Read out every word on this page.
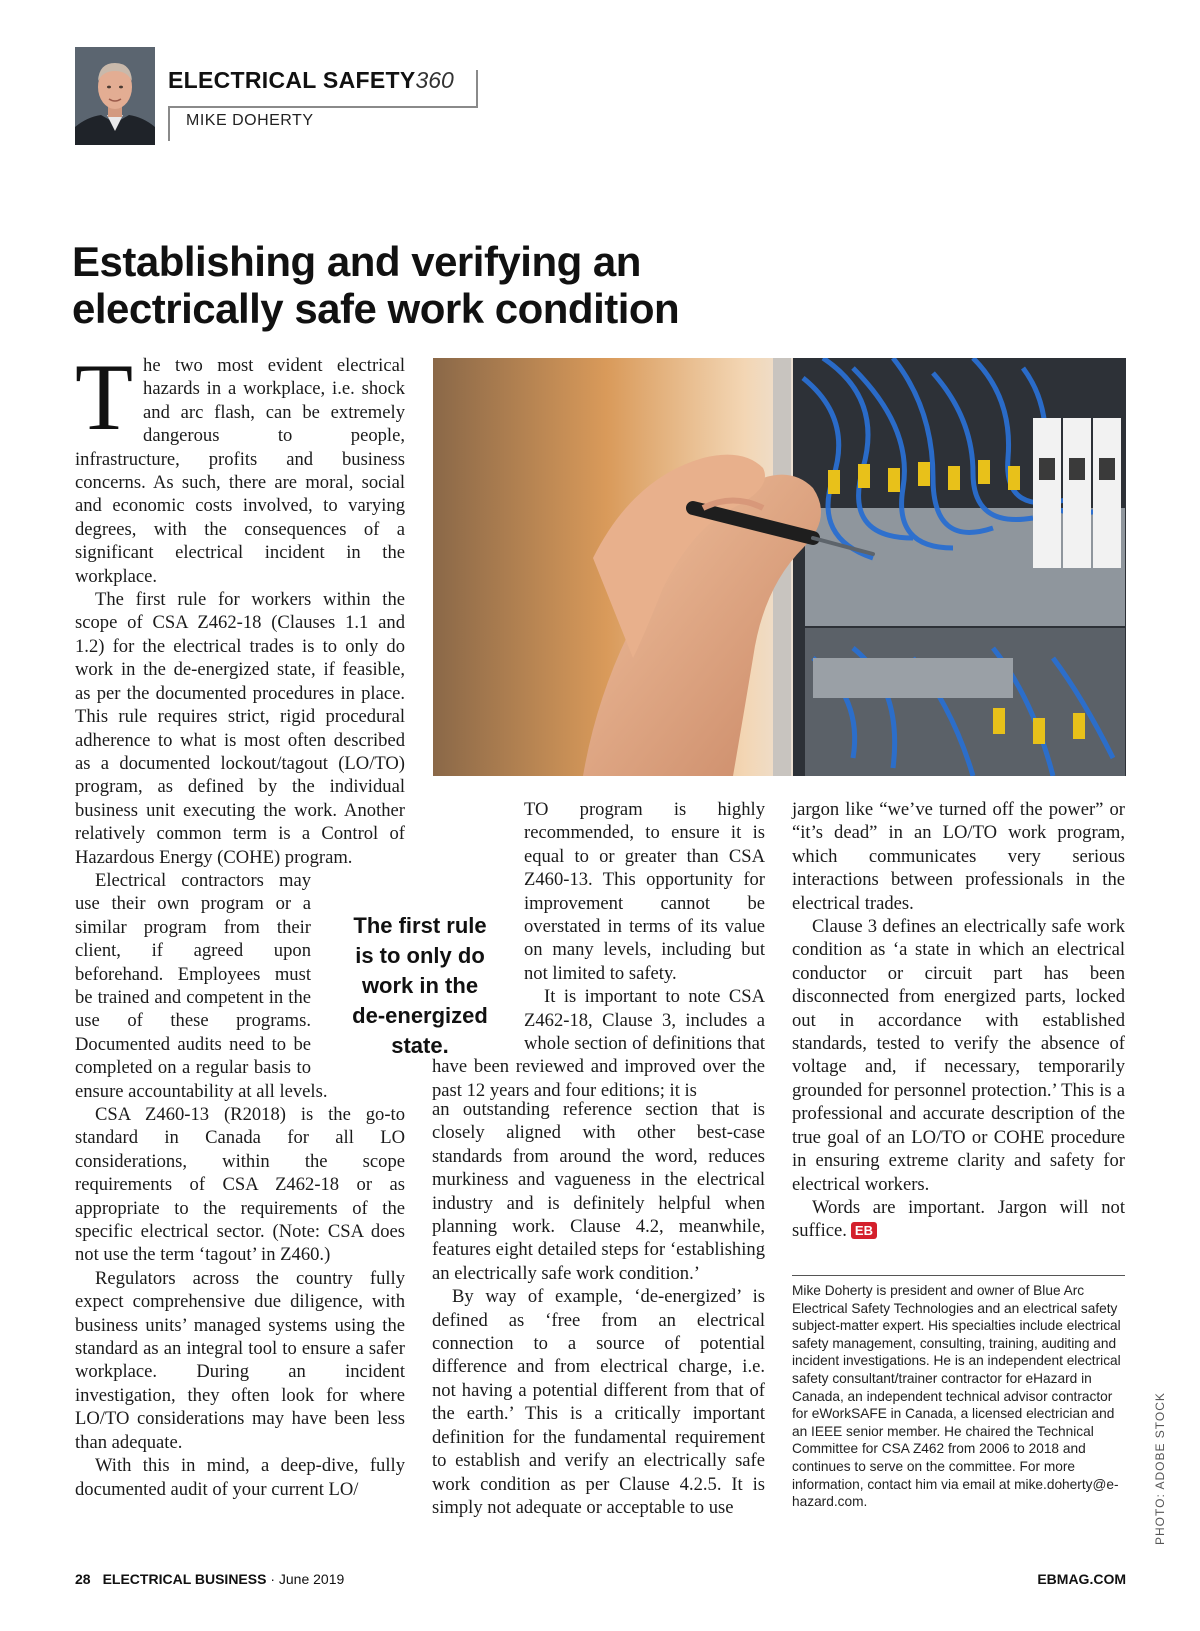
ELECTRICAL SAFETY360
MIKE DOHERTY
Establishing and verifying an
electrically safe work condition

The two most evident electrical hazards in a workplace, i.e. shock and arc flash, can be extremely dangerous to people, infrastructure, profits and business concerns. As such, there are moral, social and economic costs involved, to varying degrees, with the consequences of a significant electrical incident in the workplace.

The first rule for workers within the scope of CSA Z462-18 (Clauses 1.1 and 1.2) for the electrical trades is to only do work in the de-energized state, if feasible, as per the documented procedures in place. This rule requires strict, rigid procedural adherence to what is most often described as a documented lockout/tagout (LO/TO) program, as defined by the individual business unit executing the work. Another relatively common term is a Control of Hazardous Energy (COHE) program.

Electrical contractors may use their own program or a similar program from their client, if agreed upon beforehand. Employees must be trained and competent in the use of these programs. Documented audits need to be completed on a regular basis to ensure accountability at all levels.

CSA Z460-13 (R2018) is the go-to standard in Canada for all LO considerations, within the scope requirements of CSA Z462-18 or as appropriate to the requirements of the specific electrical sector. (Note: CSA does not use the term ‘tagout’ in Z460.)

Regulators across the country fully expect comprehensive due diligence, with business units’ managed systems using the standard as an integral tool to ensure a safer workplace. During an incident investigation, they often look for where LO/TO considerations may have been less than adequate.

With this in mind, a deep-dive, fully documented audit of your current LO/

TO program is highly recommended, to ensure it is equal to or greater than CSA Z460-13. This opportunity for improvement cannot be overstated in terms of its value on many levels, including but not limited to safety.

It is important to note CSA Z462-18, Clause 3, includes a whole section of definitions that have been reviewed and improved over the past 12 years and four editions; it is

The first rule is to only do work in the de-energized state.

an outstanding reference section that is closely aligned with other best-case standards from around the word, reduces murkiness and vagueness in the electrical industry and is definitely helpful when planning work. Clause 4.2, meanwhile, features eight detailed steps for ‘establishing an electrically safe work condition.’

By way of example, ‘de-energized’ is defined as ‘free from an electrical connection to a source of potential difference and from electrical charge, i.e. not having a potential different from that of the earth.’ This is a critically important definition for the fundamental requirement to establish and verify an electrically safe work condition as per Clause 4.2.5. It is simply not adequate or acceptable to use

jargon like “we’ve turned off the power” or “it’s dead” in an LO/TO work program, which communicates very serious interactions between professionals in the electrical trades.

Clause 3 defines an electrically safe work condition as ‘a state in which an electrical conductor or circuit part has been disconnected from energized parts, locked out in accordance with established standards, tested to verify the absence of voltage and, if necessary, temporarily grounded for personnel protection.’ This is a professional and accurate description of the true goal of an LO/TO or COHE procedure in ensuring extreme clarity and safety for electrical workers.

Words are important. Jargon will not suffice. EB

Mike Doherty is president and owner of Blue Arc Electrical Safety Technologies and an electrical safety subject-matter expert. His specialties include electrical safety management, consulting, training, auditing and incident investigations. He is an independent electrical safety consultant/trainer contractor for eHazard in Canada, an independent technical advisor contractor for eWorkSAFE in Canada, a licensed electrician and an IEEE senior member. He chaired the Technical Committee for CSA Z462 from 2006 to 2018 and continues to serve on the committee. For more information, contact him via email at mike.doherty@e-hazard.com.	PHOTO: ADOBE STOCK
28 ELECTRICAL BUSINESS · June 2019	EBMAG.COM
